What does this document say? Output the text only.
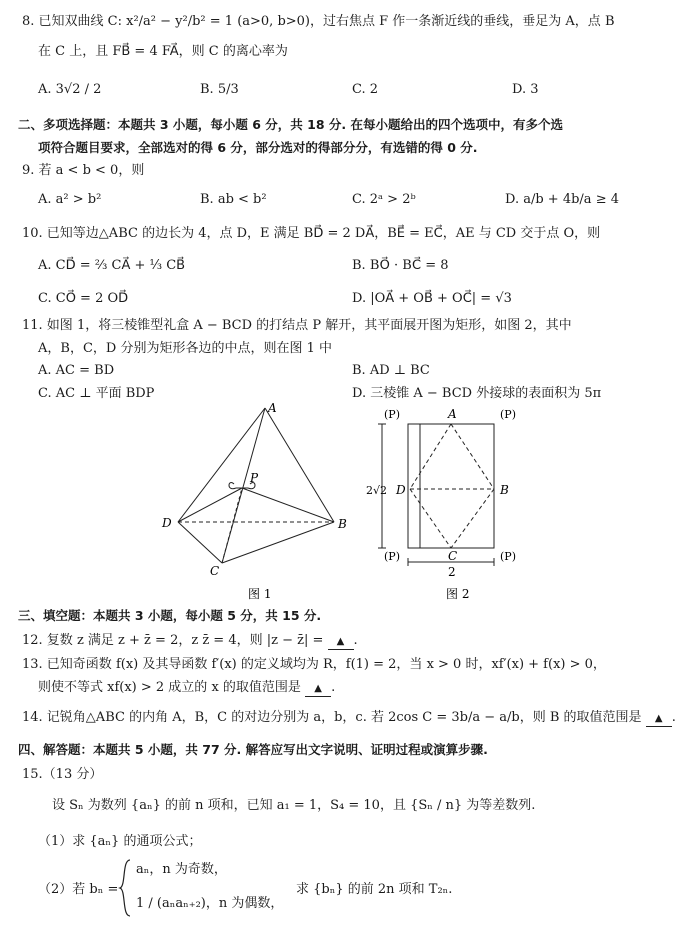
8. 已知双曲线 C: x²/a² − y²/b² = 1 (a>0, b>0)，过右焦点 F 作一条渐近线的垂线，垂足为 A，点 B
在 C 上，且 FB⃗ = 4 FA⃗，则 C 的离心率为
A. 3√2 / 2	B. 5/3	C. 2	D. 3
二、多项选择题：本题共 3 小题，每小题 6 分，共 18 分. 在每小题给出的四个选项中，有多个选
项符合题目要求，全部选对的得 6 分，部分选对的得部分分，有选错的得 0 分.
9. 若 a < b < 0，则
A. a² > b²	B. ab < b²	C. 2ᵃ > 2ᵇ	D. a/b + 4b/a ≥ 4
10. 已知等边△ABC 的边长为 4，点 D，E 满足 BD⃗ = 2 DA⃗，BE⃗ = EC⃗，AE 与 CD 交于点 O，则
A. CD⃗ = ⅔ CA⃗ + ⅓ CB⃗	B. BO⃗ · BC⃗ = 8
C. CO⃗ = 2 OD⃗	D. |OA⃗ + OB⃗ + OC⃗| = √3
11. 如图 1，将三棱锥型礼盒 A − BCD 的打结点 P 解开，其平面展开图为矩形，如图 2，其中
A，B，C，D 分别为矩形各边的中点，则在图 1 中
A. AC = BD	B. AD ⊥ BC
C. AC ⊥ 平面 BDP	D. 三棱锥 A − BCD 外接球的表面积为 5π
A
P
D	B
C
图 1
(P)	A	(P)
2√2 D	B
(P)	C	(P)
2
图 2
三、填空题：本题共 3 小题，每小题 5 分，共 15 分.
12. 复数 z 满足 z + z̄ = 2，z z̄ = 4，则 |z − z̄| = ▲ .
13. 已知奇函数 f(x) 及其导函数 f′(x) 的定义域均为 R，f(1) = 2，当 x > 0 时，xf′(x) + f(x) > 0，
则使不等式 xf(x) > 2 成立的 x 的取值范围是 ▲ .
14. 记锐角△ABC 的内角 A，B，C 的对边分别为 a，b，c. 若 2cos C = 3b/a − a/b，则 B 的取值范围是 ▲ .
四、解答题：本题共 5 小题，共 77 分. 解答应写出文字说明、证明过程或演算步骤.
15.（13 分）
设 Sₙ 为数列 {aₙ} 的前 n 项和，已知 a₁ = 1，S₄ = 10，且 {Sₙ / n} 为等差数列.
（1）求 {aₙ} 的通项公式；
（2）若 bₙ =
aₙ，n 为奇数，
1 / (aₙaₙ₊₂)，n 为偶数，
求 {bₙ} 的前 2n 项和 T₂ₙ.
